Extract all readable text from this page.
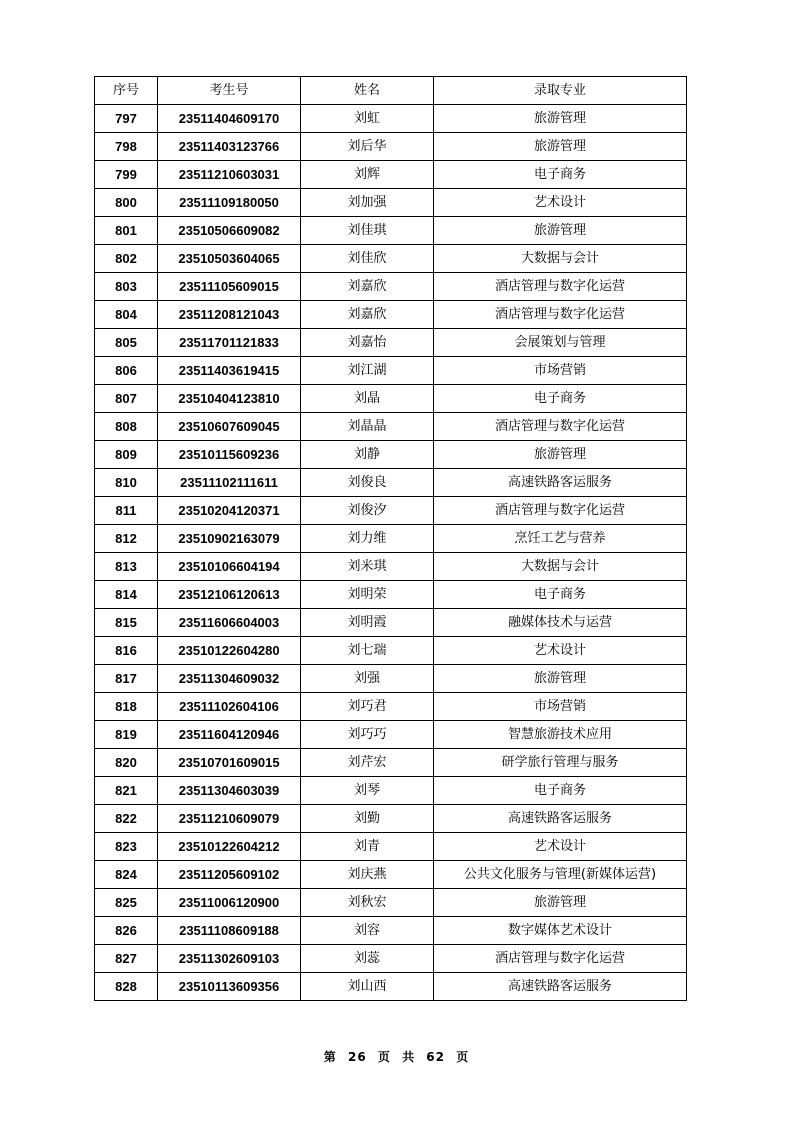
序号	考生号	姓名	录取专业
797	23511404609170	刘虹	旅游管理
798	23511403123766	刘后华	旅游管理
799	23511210603031	刘辉	电子商务
800	23511109180050	刘加强	艺术设计
801	23510506609082	刘佳琪	旅游管理
802	23510503604065	刘佳欣	大数据与会计
803	23511105609015	刘嘉欣	酒店管理与数字化运营
804	23511208121043	刘嘉欣	酒店管理与数字化运营
805	23511701121833	刘嘉怡	会展策划与管理
806	23511403619415	刘江湖	市场营销
807	23510404123810	刘晶	电子商务
808	23510607609045	刘晶晶	酒店管理与数字化运营
809	23510115609236	刘静	旅游管理
810	23511102111611	刘俊良	高速铁路客运服务
811	23510204120371	刘俊汐	酒店管理与数字化运营
812	23510902163079	刘力维	烹饪工艺与营养
813	23510106604194	刘米琪	大数据与会计
814	23512106120613	刘明荣	电子商务
815	23511606604003	刘明霞	融媒体技术与运营
816	23510122604280	刘七瑞	艺术设计
817	23511304609032	刘强	旅游管理
818	23511102604106	刘巧君	市场营销
819	23511604120946	刘巧巧	智慧旅游技术应用
820	23510701609015	刘芹宏	研学旅行管理与服务
821	23511304603039	刘琴	电子商务
822	23511210609079	刘勤	高速铁路客运服务
823	23510122604212	刘青	艺术设计
824	23511205609102	刘庆燕	公共文化服务与管理(新媒体运营)
825	23511006120900	刘秋宏	旅游管理
826	23511108609188	刘容	数字媒体艺术设计
827	23511302609103	刘蕊	酒店管理与数字化运营
828	23510113609356	刘山西	高速铁路客运服务
第 26 页 共 62 页
